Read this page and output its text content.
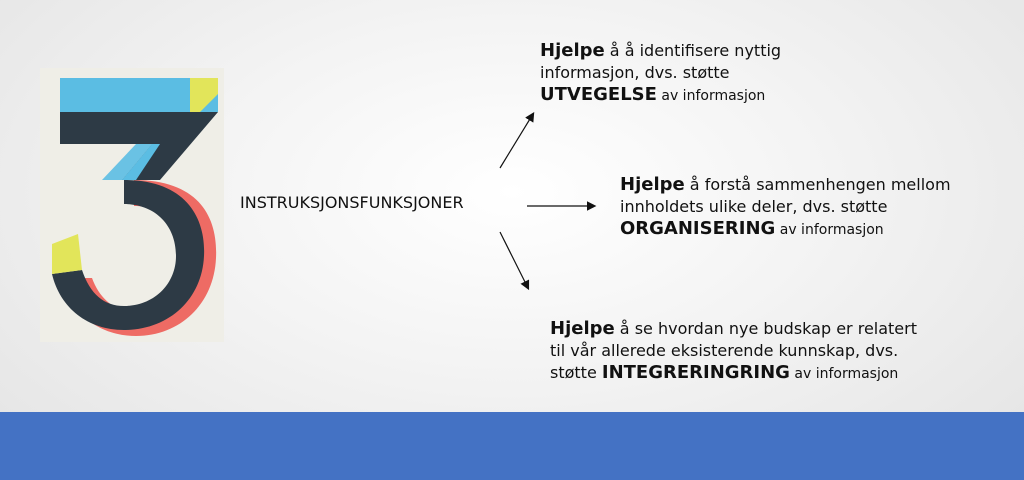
INSTRUKSJONSFUNKSJONER
Hjelpe å å identifisere nyttig
informasjon, dvs. støtte
UTVEGELSE av informasjon
Hjelpe å forstå sammenhengen mellom
innholdets ulike deler, dvs. støtte
ORGANISERING av informasjon
Hjelpe å se hvordan nye budskap er relatert
til vår allerede eksisterende kunnskap, dvs.
støtte INTEGRERINGRING av informasjon
